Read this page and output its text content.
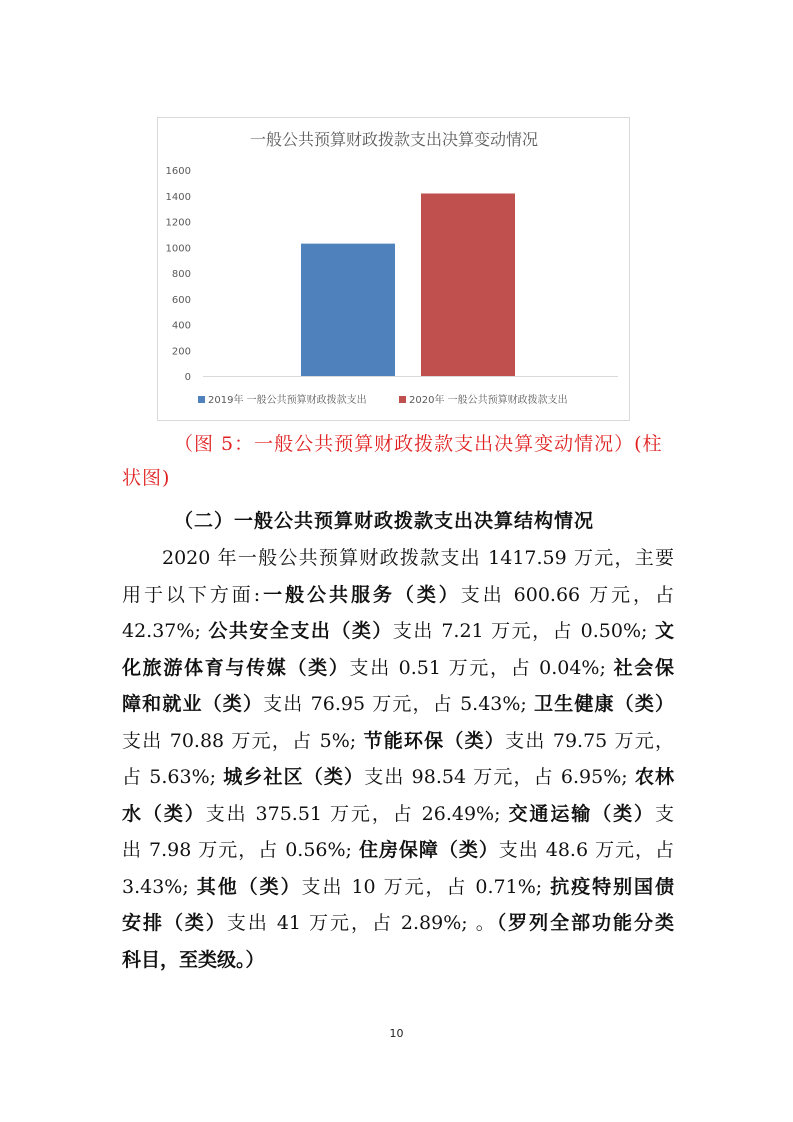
一般公共预算财政拨款支出决算变动情况
0
200
400
600
800
1000
1200
1400
1600
2019年 一般公共预算财政拨款支出	2020年 一般公共预算财政拨款支出
（图 5：一般公共预算财政拨款支出决算变动情况）(柱状图)
（二）一般公共预算财政拨款支出决算结构情况
2020 年一般公共预算财政拨款支出 1417.59 万元，主要
用于以下方面:一般公共服务（类）支出 600.66 万元，占
42.37%; 公共安全支出（类）支出 7.21 万元，占 0.50%; 文
化旅游体育与传媒（类）支出 0.51 万元，占 0.04%; 社会保
障和就业（类）支出 76.95 万元，占 5.43%; 卫生健康（类）
支出 70.88 万元，占 5%; 节能环保（类）支出 79.75 万元，
占 5.63%; 城乡社区（类）支出 98.54 万元，占 6.95%; 农林
水（类）支出 375.51 万元，占 26.49%; 交通运输（类）支
出 7.98 万元，占 0.56%; 住房保障（类）支出 48.6 万元，占
3.43%; 其他（类）支出 10 万元，占 0.71%; 抗疫特别国债
安排（类）支出 41 万元，占 2.89%; 。（罗列全部功能分类
科目，至类级。）
10
